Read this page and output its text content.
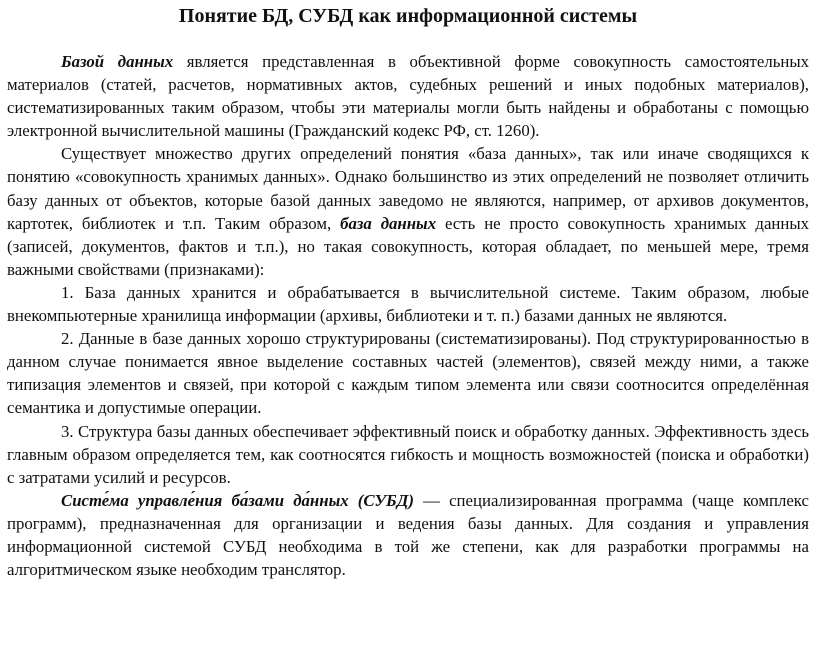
Понятие БД, СУБД как информационной системы

Базой данных является представленная в объективной форме совокупность самостоятельных материалов (статей, расчетов, нормативных актов, судебных решений и иных подобных материалов), систематизированных таким образом, чтобы эти материалы могли быть найдены и обработаны с помощью электронной вычислительной машины (Гражданский кодекс РФ, ст. 1260).

Существует множество других определений понятия «база данных», так или иначе сводящихся к понятию «совокупность хранимых данных». Однако большинство из этих определений не позволяет отличить базу данных от объектов, которые базой данных заведомо не являются, например, от архивов документов, картотек, библиотек и т.п. Таким образом, база данных есть не просто совокупность хранимых данных (записей, документов, фактов и т.п.), но такая совокупность, которая обладает, по меньшей мере, тремя важными свойствами (признаками):

1. База данных хранится и обрабатывается в вычислительной системе. Таким образом, любые внекомпьютерные хранилища информации (архивы, библиотеки и т. п.) базами данных не являются.

2. Данные в базе данных хорошо структурированы (систематизированы). Под структурированностью в данном случае понимается явное выделение составных частей (элементов), связей между ними, а также типизация элементов и связей, при которой с каждым типом элемента или связи соотносится определённая семантика и допустимые операции.

3. Структура базы данных обеспечивает эффективный поиск и обработку данных. Эффективность здесь главным образом определяется тем, как соотносятся гибкость и мощность возможностей (поиска и обработки) с затратами усилий и ресурсов.

Систе́ма управле́ния ба́зами да́нных (СУБД) — специализированная программа (чаще комплекс программ), предназначенная для организации и ведения базы данных. Для создания и управления информационной системой СУБД необходима в той же степени, как для разработки программы на алгоритмическом языке необходим транслятор.
